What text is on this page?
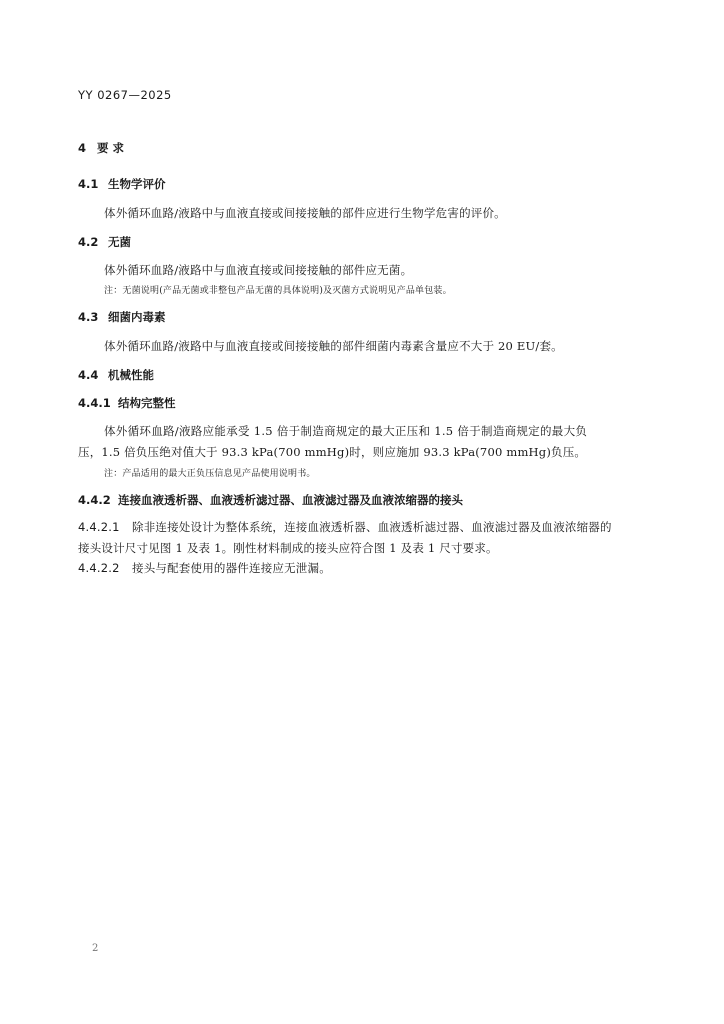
YY 0267—2025
4 要 求
4.1 生物学评价
体外循环血路/液路中与血液直接或间接接触的部件应进行生物学危害的评价。
4.2 无菌
体外循环血路/液路中与血液直接或间接接触的部件应无菌。
注：无菌说明(产品无菌或非整包产品无菌的具体说明)及灭菌方式说明见产品单包装。
4.3 细菌内毒素
体外循环血路/液路中与血液直接或间接接触的部件细菌内毒素含量应不大于 20 EU/套。
4.4 机械性能
4.4.1 结构完整性
体外循环血路/液路应能承受 1.5 倍于制造商规定的最大正压和 1.5 倍于制造商规定的最大负
压，1.5 倍负压绝对值大于 93.3 kPa(700 mmHg)时，则应施加 93.3 kPa(700 mmHg)负压。
注：产品适用的最大正负压信息见产品使用说明书。
4.4.2 连接血液透析器、血液透析滤过器、血液滤过器及血液浓缩器的接头
4.4.2.1 除非连接处设计为整体系统，连接血液透析器、血液透析滤过器、血液滤过器及血液浓缩器的
接头设计尺寸见图 1 及表 1。刚性材料制成的接头应符合图 1 及表 1 尺寸要求。
4.4.2.2 接头与配套使用的器件连接应无泄漏。
2
